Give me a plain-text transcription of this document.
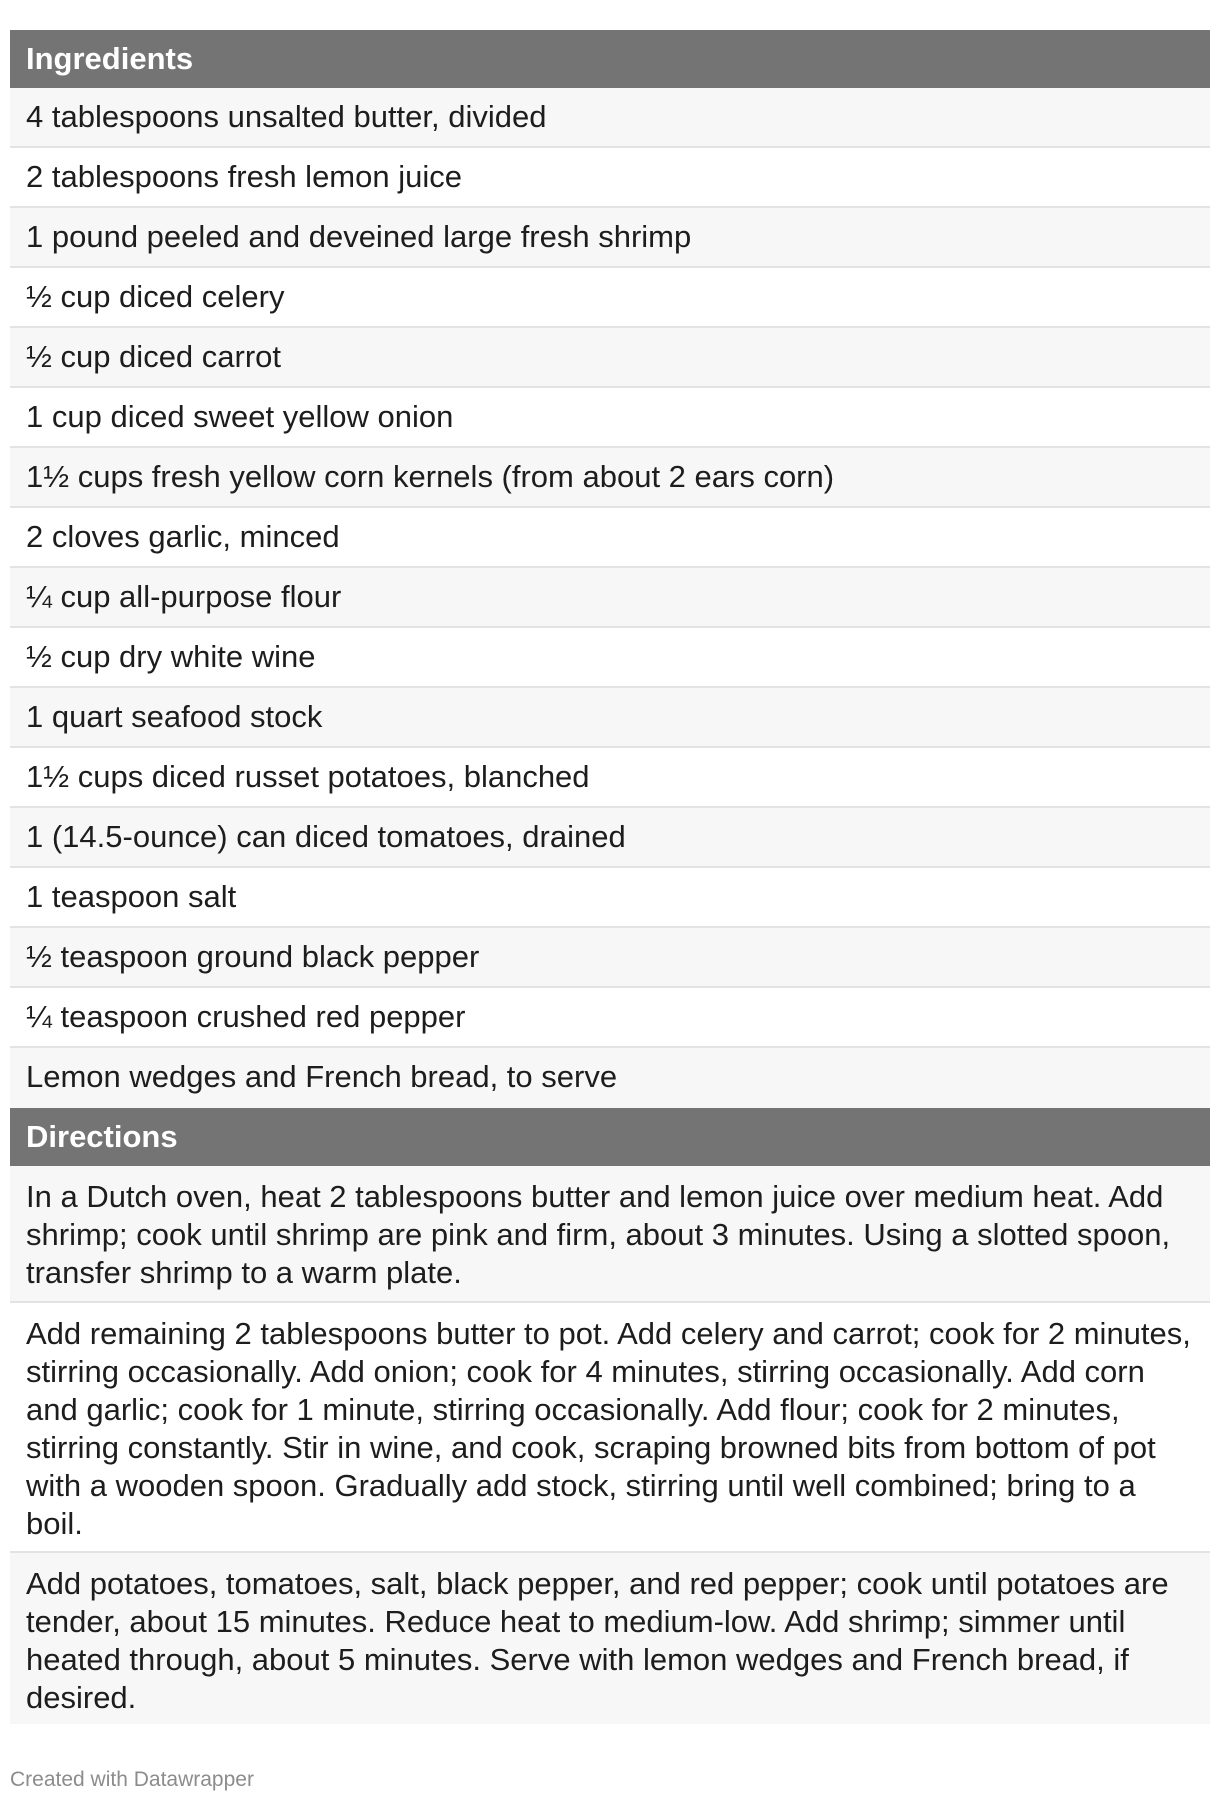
Ingredients
4 tablespoons unsalted butter, divided
2 tablespoons fresh lemon juice
1 pound peeled and deveined large fresh shrimp
½ cup diced celery
½ cup diced carrot
1 cup diced sweet yellow onion
1½ cups fresh yellow corn kernels (from about 2 ears corn)
2 cloves garlic, minced
¼ cup all-purpose flour
½ cup dry white wine
1 quart seafood stock
1½ cups diced russet potatoes, blanched
1 (14.5-ounce) can diced tomatoes, drained
1 teaspoon salt
½ teaspoon ground black pepper
¼ teaspoon crushed red pepper
Lemon wedges and French bread, to serve
Directions
In a Dutch oven, heat 2 tablespoons butter and lemon juice over medium heat. Add shrimp; cook until shrimp are pink and firm, about 3 minutes. Using a slotted spoon, transfer shrimp to a warm plate.
Add remaining 2 tablespoons butter to pot. Add celery and carrot; cook for 2 minutes, stirring occasionally. Add onion; cook for 4 minutes, stirring occasionally. Add corn and garlic; cook for 1 minute, stirring occasionally. Add flour; cook for 2 minutes, stirring constantly. Stir in wine, and cook, scraping browned bits from bottom of pot with a wooden spoon. Gradually add stock, stirring until well combined; bring to a boil.
Add potatoes, tomatoes, salt, black pepper, and red pepper; cook until potatoes are tender, about 15 minutes. Reduce heat to medium-low. Add shrimp; simmer until heated through, about 5 minutes. Serve with lemon wedges and French bread, if desired.
Created with Datawrapper
